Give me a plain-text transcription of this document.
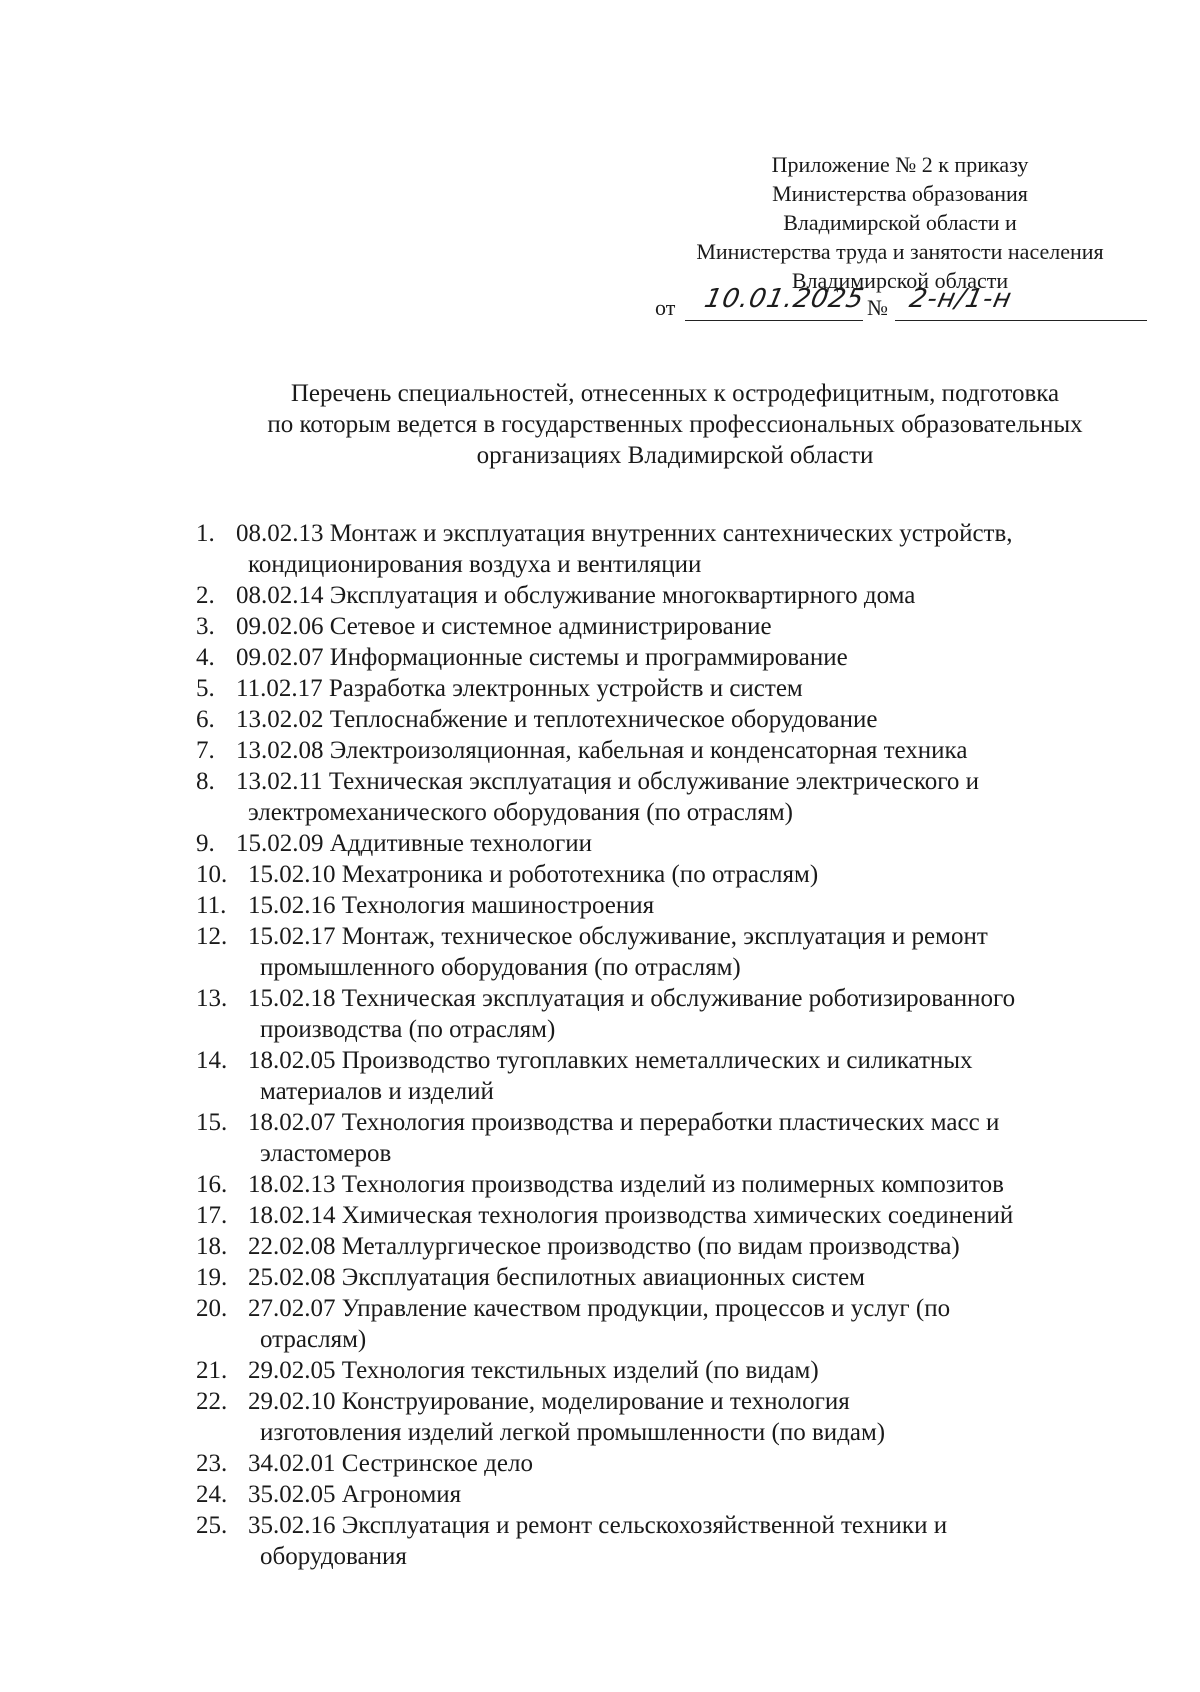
Приложение № 2 к приказу
Министерства образования
Владимирской области и
Министерства труда и занятости населения
Владимирской области
от 10.01.2025 № 2-н/1-н
Перечень специальностей, отнесенных к остродефицитным, подготовка
по которым ведется в государственных профессиональных образовательных
организациях Владимирской области
1. 08.02.13 Монтаж и эксплуатация внутренних сантехнических устройств,
кондиционирования воздуха и вентиляции
2. 08.02.14 Эксплуатация и обслуживание многоквартирного дома
3. 09.02.06 Сетевое и системное администрирование
4. 09.02.07 Информационные системы и программирование
5. 11.02.17 Разработка электронных устройств и систем
6. 13.02.02 Теплоснабжение и теплотехническое оборудование
7. 13.02.08 Электроизоляционная, кабельная и конденсаторная техника
8. 13.02.11 Техническая эксплуатация и обслуживание электрического и
электромеханического оборудования (по отраслям)
9. 15.02.09 Аддитивные технологии
10. 15.02.10 Мехатроника и робототехника (по отраслям)
11. 15.02.16 Технология машиностроения
12. 15.02.17 Монтаж, техническое обслуживание, эксплуатация и ремонт
промышленного оборудования (по отраслям)
13. 15.02.18 Техническая эксплуатация и обслуживание роботизированного
производства (по отраслям)
14. 18.02.05 Производство тугоплавких неметаллических и силикатных
материалов и изделий
15. 18.02.07 Технология производства и переработки пластических масс и
эластомеров
16. 18.02.13 Технология производства изделий из полимерных композитов
17. 18.02.14 Химическая технология производства химических соединений
18. 22.02.08 Металлургическое производство (по видам производства)
19. 25.02.08 Эксплуатация беспилотных авиационных систем
20. 27.02.07 Управление качеством продукции, процессов и услуг (по
отраслям)
21. 29.02.05 Технология текстильных изделий (по видам)
22. 29.02.10 Конструирование, моделирование и технология
изготовления изделий легкой промышленности (по видам)
23. 34.02.01 Сестринское дело
24. 35.02.05 Агрономия
25. 35.02.16 Эксплуатация и ремонт сельскохозяйственной техники и
оборудования
